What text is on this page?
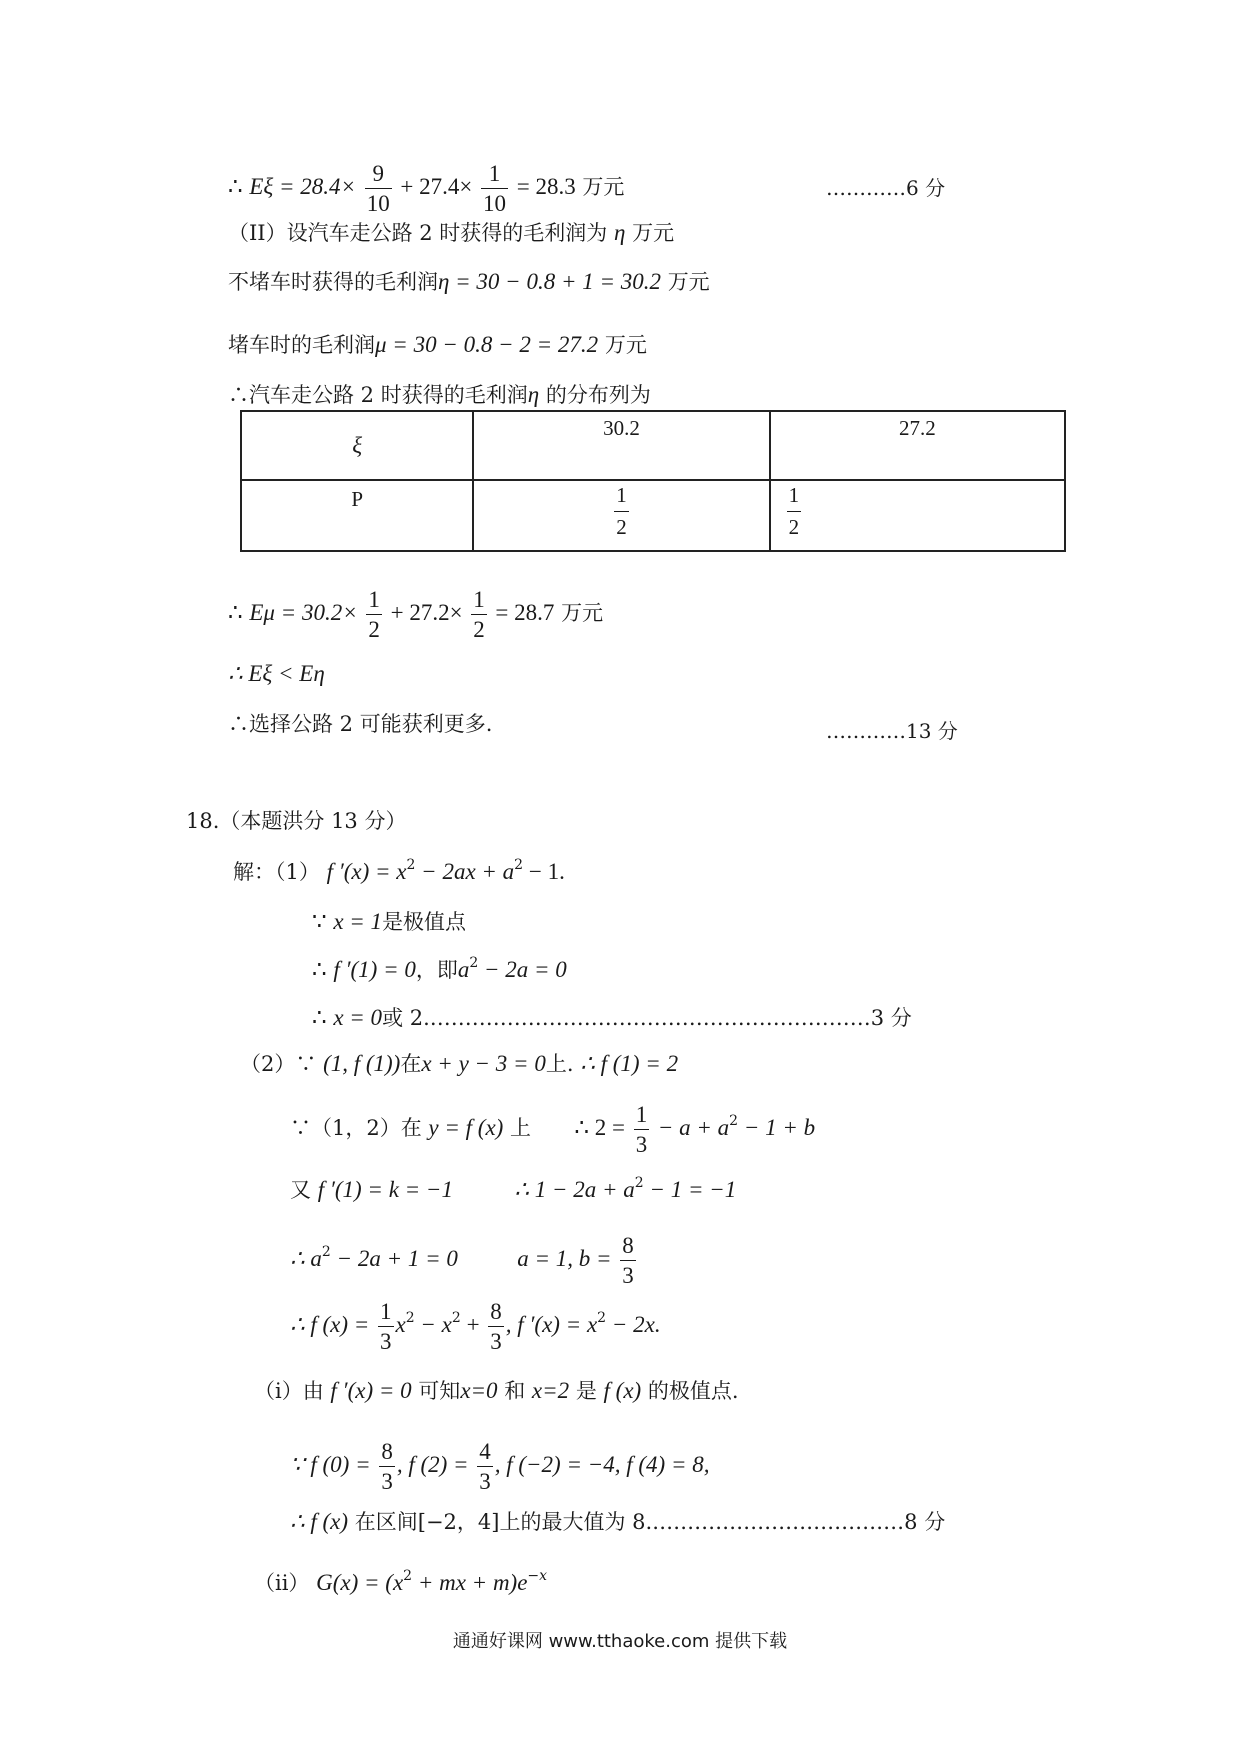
∴ $E\xi = 28.4\times \frac{9}{10} + 27.4\times \frac{1}{10} = 28.3$ 万元	…………6 分
（II）设汽车走公路 2 时获得的毛利润为 η 万元
不堵车时获得的毛利润η = 30 − 0.8 + 1 = 30.2 万元
堵车时的毛利润μ = 30 − 0.8 − 2 = 27.2 万元
∴汽车走公路 2 时获得的毛利润η 的分布列为
ξ	30.2	27.2
P	$\frac{1}{2}$	$\frac{1}{2}$
∴ $E\mu = 30.2\times \frac{1}{2} + 27.2\times \frac{1}{2} = 28.7$ 万元
∴ Eξ < Eη
∴选择公路 2 可能获利更多.	…………13 分
18.（本题洪分 13 分）
解：（1） f $'(x) = x^2 - 2ax + a^2 - 1$.
∵ x = 1是极值点
∴ f ′(1) = 0，即$a^2 - 2a = 0$
∴ x = 0或 2.………………………………………………………3 分
（2）∵ (1, f (1))在x + y − 3 = 0上. ∴ f (1) = 2
∵（1，2）在 y = f (x) 上 ∴ $2 = \frac{1}{3} - a + a^2 - 1 + b$
又 f ′(1) = k = −1	∴ $1 - 2a + a^2 - 1 = -1$
∴ $a^2 - 2a + 1 = 0$	a = 1, $b = \frac{8}{3}$
∴ f $(x) = \frac{1}{3} x^2 - x^2 + \frac{8}{3}$ , f $'(x) = x^2 - 2x$.
（i）由 f ′(x) = 0 可知x=0 和 x=2 是 f (x) 的极值点.
∵ f $(0) = \frac{8}{3}$ , f $(2) = \frac{4}{3}$ , f (−2) = −4, f (4) = 8,
∴ f (x) 在区间[−2，4]上的最大值为 8.………………………………8 分
（ii） $G(x) = (x^2$ + mx + $m)e^{-x}$
通通好课网 www.tthaoke.com 提供下载
